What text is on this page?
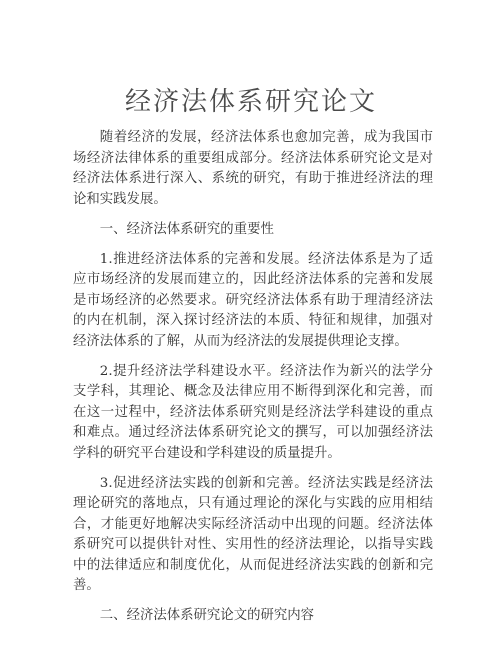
经济法体系研究论文

随着经济的发展，经济法体系也愈加完善，成为我国市场经济法律体系的重要组成部分。经济法体系研究论文是对经济法体系进行深入、系统的研究，有助于推进经济法的理论和实践发展。

一、经济法体系研究的重要性

1.推进经济法体系的完善和发展。经济法体系是为了适应市场经济的发展而建立的，因此经济法体系的完善和发展是市场经济的必然要求。研究经济法体系有助于理清经济法的内在机制，深入探讨经济法的本质、特征和规律，加强对经济法体系的了解，从而为经济法的发展提供理论支撑。

2.提升经济法学科建设水平。经济法作为新兴的法学分支学科，其理论、概念及法律应用不断得到深化和完善，而在这一过程中，经济法体系研究则是经济法学科建设的重点和难点。通过经济法体系研究论文的撰写，可以加强经济法学科的研究平台建设和学科建设的质量提升。

3.促进经济法实践的创新和完善。经济法实践是经济法理论研究的落地点，只有通过理论的深化与实践的应用相结合，才能更好地解决实际经济活动中出现的问题。经济法体系研究可以提供针对性、实用性的经济法理论，以指导实践中的法律适应和制度优化，从而促进经济法实践的创新和完善。

二、经济法体系研究论文的研究内容
